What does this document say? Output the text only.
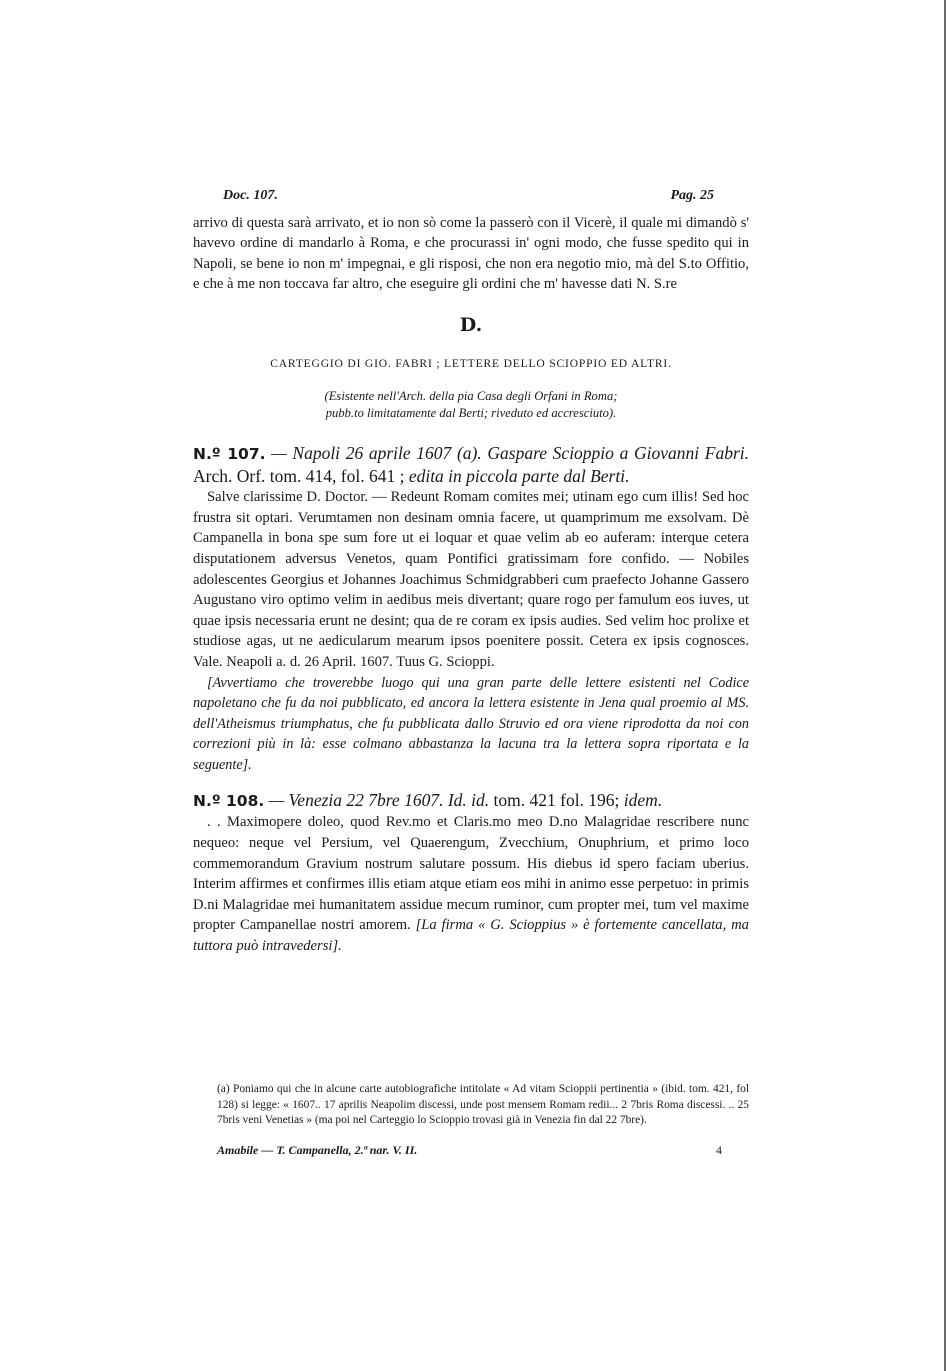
Doc. 107.	Pag. 25
arrivo di questa sarà arrivato, et io non sò come la passerò con il Vicerè, il quale mi dimandò s' havevo ordine di mandarlo à Roma, e che procurassi in' ogni modo, che fusse spedito qui in Napoli, se bene io non m' impegnai, e gli risposi, che non era negotio mio, mà del S.to Offitio, e che à me non toccava far altro, che eseguire gli ordini che m' havesse dati N. S.re
D.
CARTEGGIO DI GIO. FABRI ; LETTERE DELLO SCIOPPIO ED ALTRI.
(Esistente nell'Arch. della pia Casa degli Orfani in Roma;
pubb.to limitatamente dal Berti; riveduto ed accresciuto).
N.º 107. — Napoli 26 aprile 1607 (a). Gaspare Scioppio a Giovanni Fabri. Arch. Orf. tom. 414, fol. 641 ; edita in piccola parte dal Berti.
Salve clarissime D. Doctor. — Redeunt Romam comites mei; utinam ego cum illis! Sed hoc frustra sit optari. Verumtamen non desinam omnia facere, ut quamprimum me exsolvam. Dè Campanella in bona spe sum fore ut ei loquar et quae velim ab eo auferam: interque cetera disputationem adversus Venetos, quam Pontifici gratissimam fore confido. — Nobiles adolescentes Georgius et Johannes Joachimus Schmidgrabberi cum praefecto Johanne Gassero Augustano viro optimo velim in aedibus meis divertant; quare rogo per famulum eos iuves, ut quae ipsis necessaria erunt ne desint; qua de re coram ex ipsis audies. Sed velim hoc prolixe et studiose agas, ut ne aedicularum mearum ipsos poenitere possit. Cetera ex ipsis cognosces. Vale. Neapoli a. d. 26 April. 1607. Tuus G. Scioppi.
[Avvertiamo che troverebbe luogo qui una gran parte delle lettere esistenti nel Codice napoletano che fu da noi pubblicato, ed ancora la lettera esistente in Jena qual proemio al MS. dell'Atheismus triumphatus, che fu pubblicata dallo Struvio ed ora viene riprodotta da noi con correzioni più in là: esse colmano abbastanza la lacuna tra la lettera sopra riportata e la seguente].
N.º 108. — Venezia 22 7bre 1607. Id. id. tom. 421 fol. 196; idem.
. . Maximopere doleo, quod Rev.mo et Claris.mo meo D.no Malagridae rescribere nunc nequeo: neque vel Persium, vel Quaerengum, Zvecchium, Onuphrium, et primo loco commemorandum Gravium nostrum salutare possum. His diebus id spero faciam uberius. Interim affirmes et confirmes illis etiam atque etiam eos mihi in animo esse perpetuo: in primis D.ni Malagridae mei humanitatem assidue mecum ruminor, cum propter mei, tum vel maxime propter Campanellae nostri amorem. [La firma « G. Scioppius » è fortemente cancellata, ma tuttora può intravedersi].
(a) Poniamo qui che in alcune carte autobiografiche intitolate « Ad vitam Scioppii pertinentia » (ibid. tom. 421, fol 128) si legge: « 1607.. 17 aprilis Neapolim discessi, unde post mensem Romam redii... 2 7bris Roma discessi. .. 25 7bris veni Venetias » (ma poi nel Carteggio lo Scioppio trovasi già in Venezia fin dal 22 7bre).
Amabile — T. Campanella, 2.ª nar. V. II.	4
